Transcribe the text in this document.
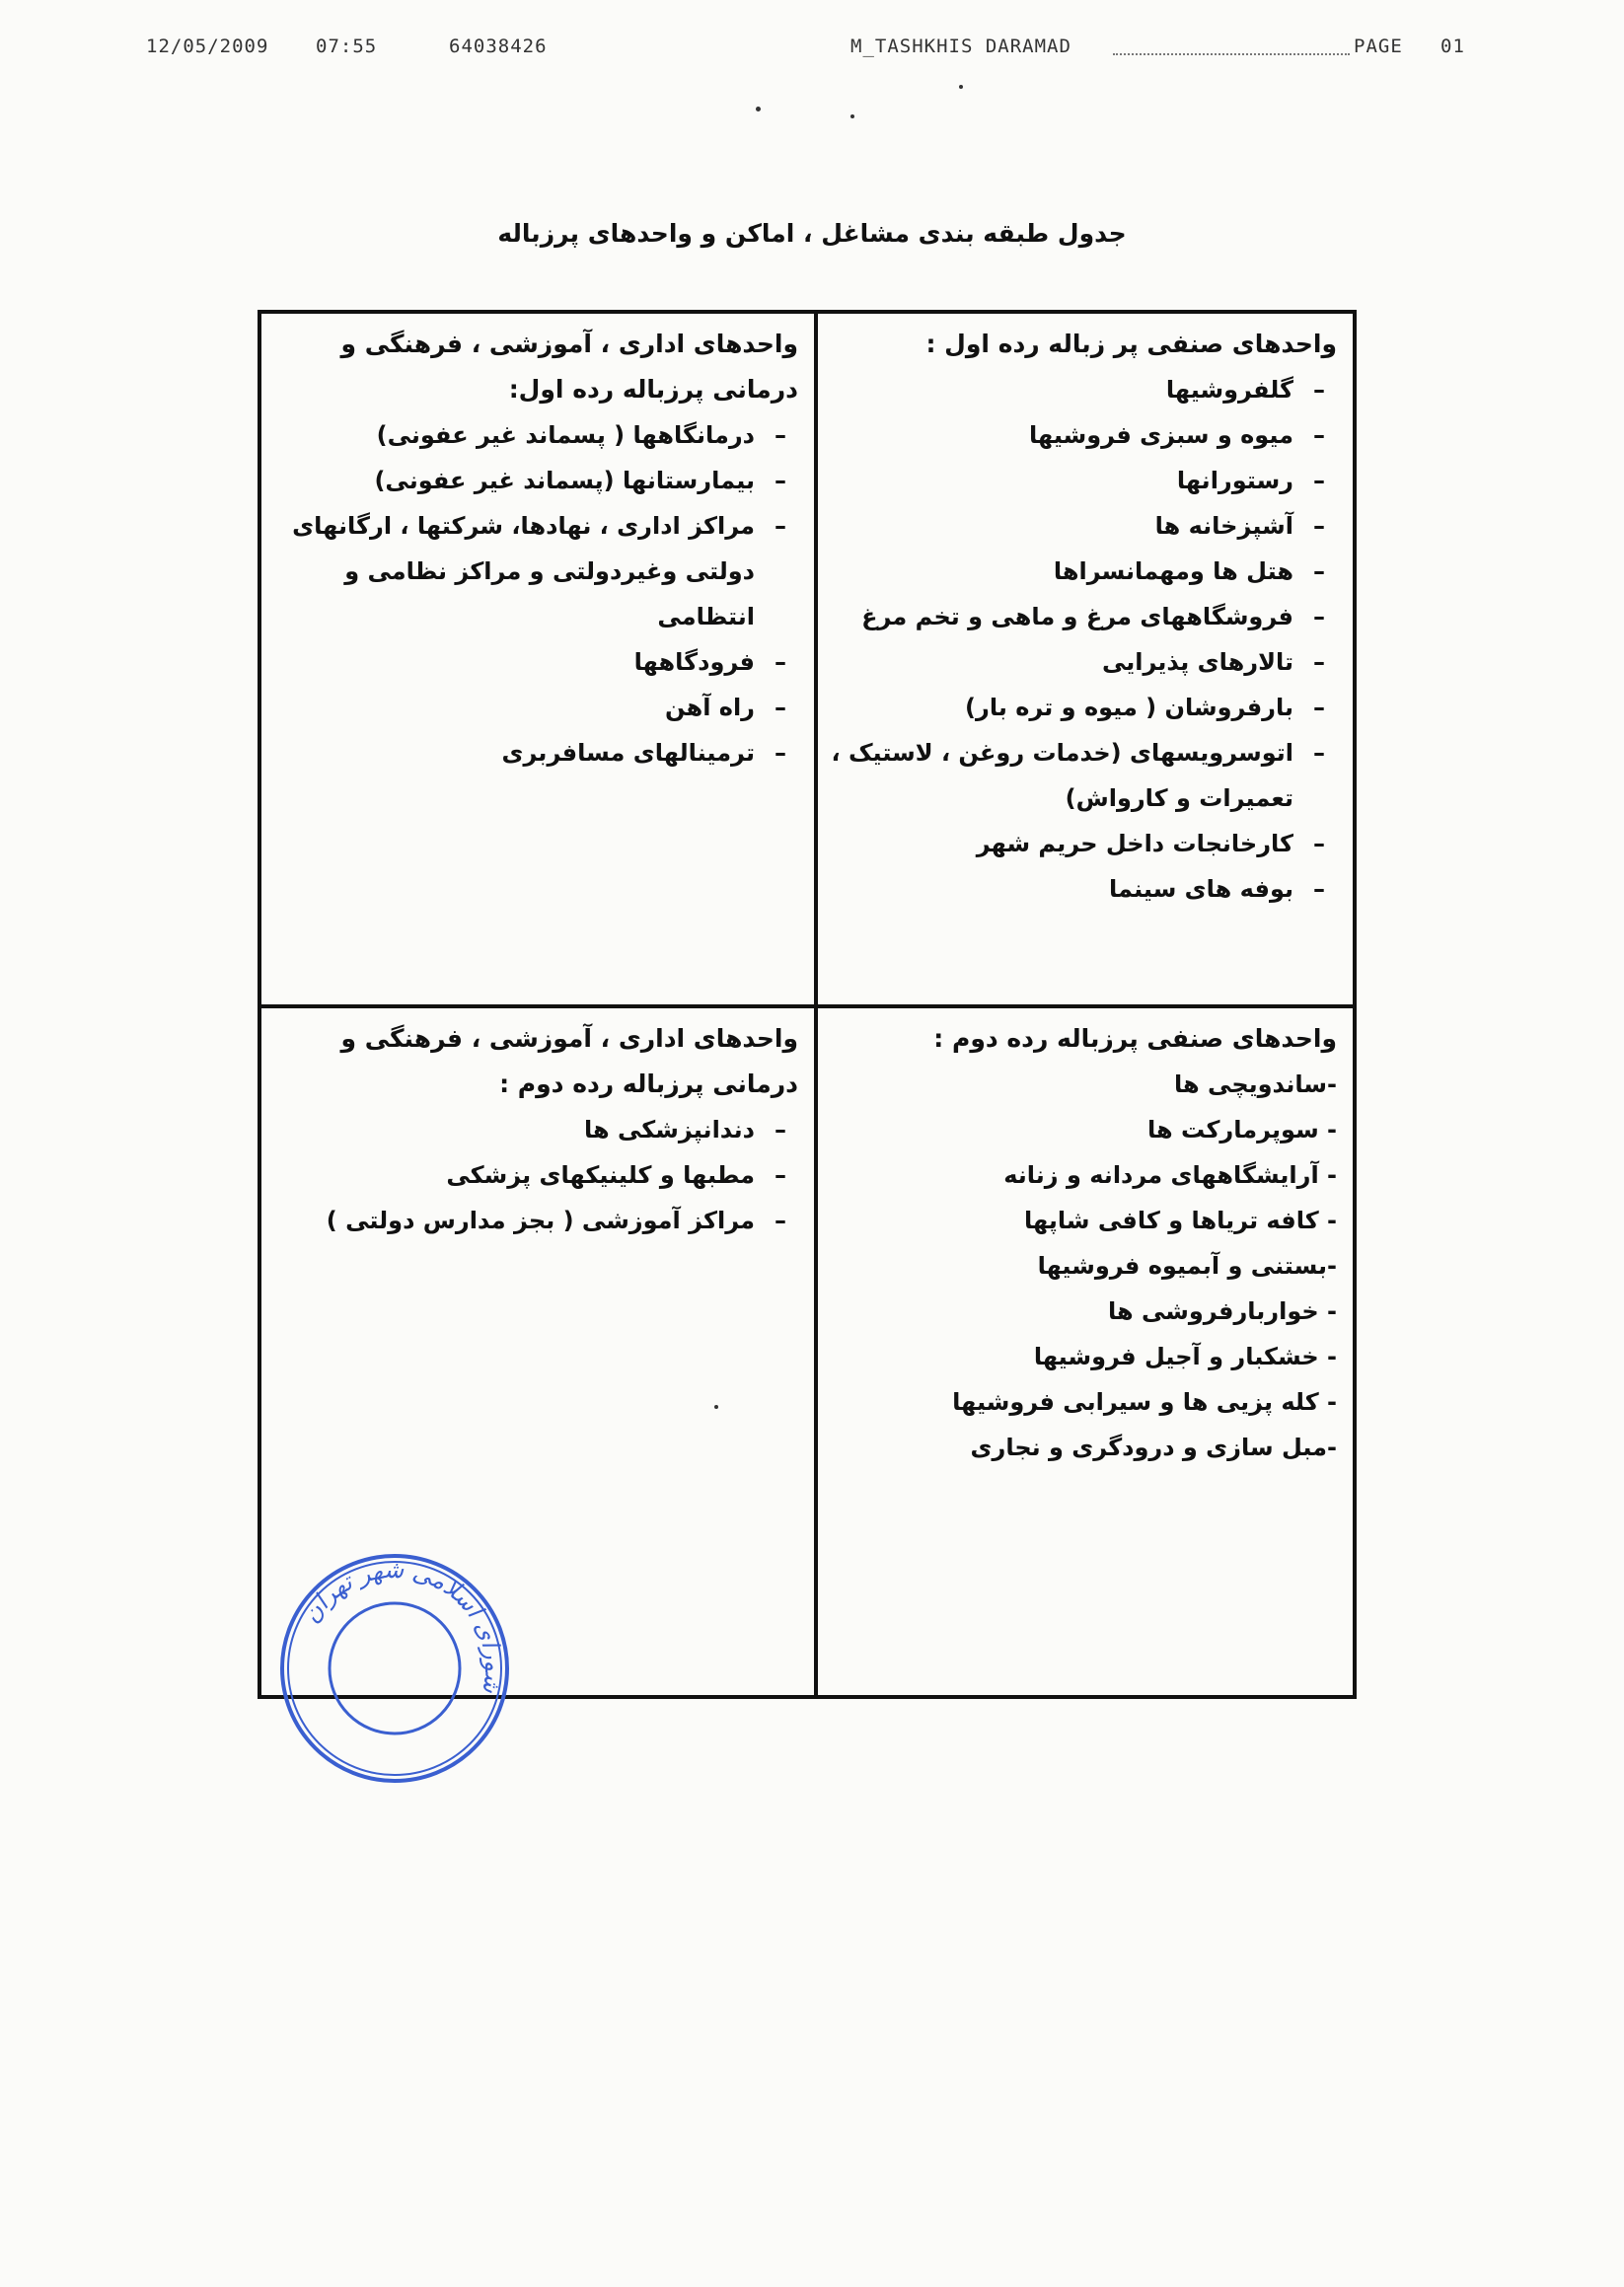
12/05/2009	07:55	64038426	M_TASHKHIS DARAMAD	PAGE 01
جدول طبقه بندی مشاغل ، اماکن و واحدهای پرزباله
واحدهای صنفی پر زباله رده اول :
– گلفروشیها
– میوه و سبزی فروشیها
– رستورانها
– آشپزخانه ها
– هتل ها ومهمانسراها
– فروشگاههای مرغ و ماهی و تخم مرغ
– تالارهای پذیرایی
– بارفروشان ( میوه و تره بار)
– اتوسرویسهای (خدمات روغن ، لاستیک ، تعمیرات و کارواش)
– کارخانجات داخل حریم شهر
– بوفه های سینما
واحدهای اداری ، آموزشی ، فرهنگی و درمانی پرزباله رده اول:
– درمانگاهها ( پسماند غیر عفونی)
– بیمارستانها (پسماند غیر عفونی)
– مراکز اداری ، نهادها، شرکتها ، ارگانهای دولتی وغیردولتی و مراکز نظامی و انتظامی
– فرودگاهها
– راه آهن
– ترمینالهای مسافربری
واحدهای صنفی پرزباله رده دوم :
-ساندویچی ها
- سوپرمارکت ها
- آرایشگاههای مردانه و زنانه
- کافه تریاها و کافی شاپها
-بستنی و آبمیوه فروشیها
- خواربارفروشی ها
- خشکبار و آجیل فروشیها
- کله پزیی ها و سیرابی فروشیها
-مبل سازی و درودگری و نجاری
واحدهای اداری ، آموزشی ، فرهنگی و درمانی پرزباله رده دوم :
– دندانپزشکی ها
– مطبها و کلینیکهای پزشکی
– مراکز آموزشی ( بجز مدارس دولتی )
شورای اسلامی شهر تهران
